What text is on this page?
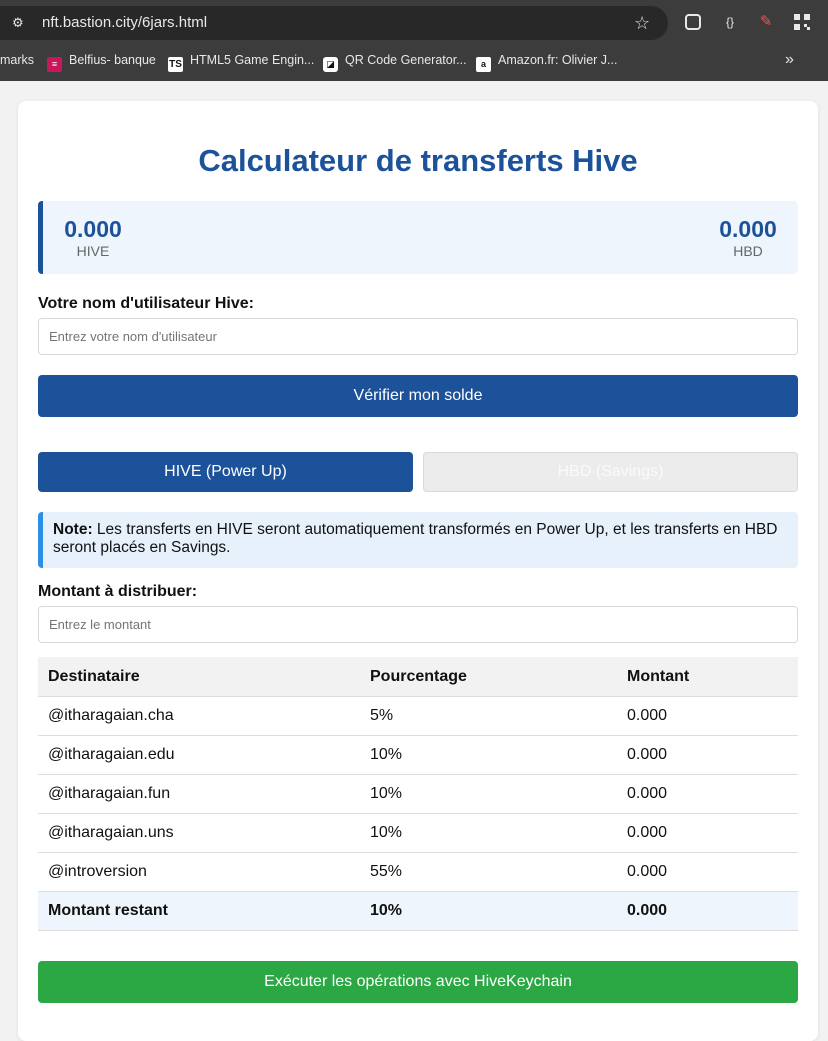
⚙	nft.bastion.city/6jars.html	☆	{}	✎
marks	≡ Belfius- banque TS HTML5 Game Engin...	◪ QR Code Generator...	a Amazon.fr: Olivier J...	»
Calculateur de transferts Hive
0.000
HIVE
0.000
HBD
Votre nom d'utilisateur Hive:
Entrez votre nom d'utilisateur
Vérifier mon solde
HIVE (Power Up)	HBD (Savings)
Note: Les transferts en HIVE seront automatiquement transformés en Power Up, et les transferts en HBD seront placés en Savings.
Montant à distribuer:
Entrez le montant
Destinataire	Pourcentage	Montant
@itharagaian.cha	5%	0.000
@itharagaian.edu	10%	0.000
@itharagaian.fun	10%	0.000
@itharagaian.uns	10%	0.000
@introversion	55%	0.000
Montant restant	10%	0.000
Exécuter les opérations avec HiveKeychain
